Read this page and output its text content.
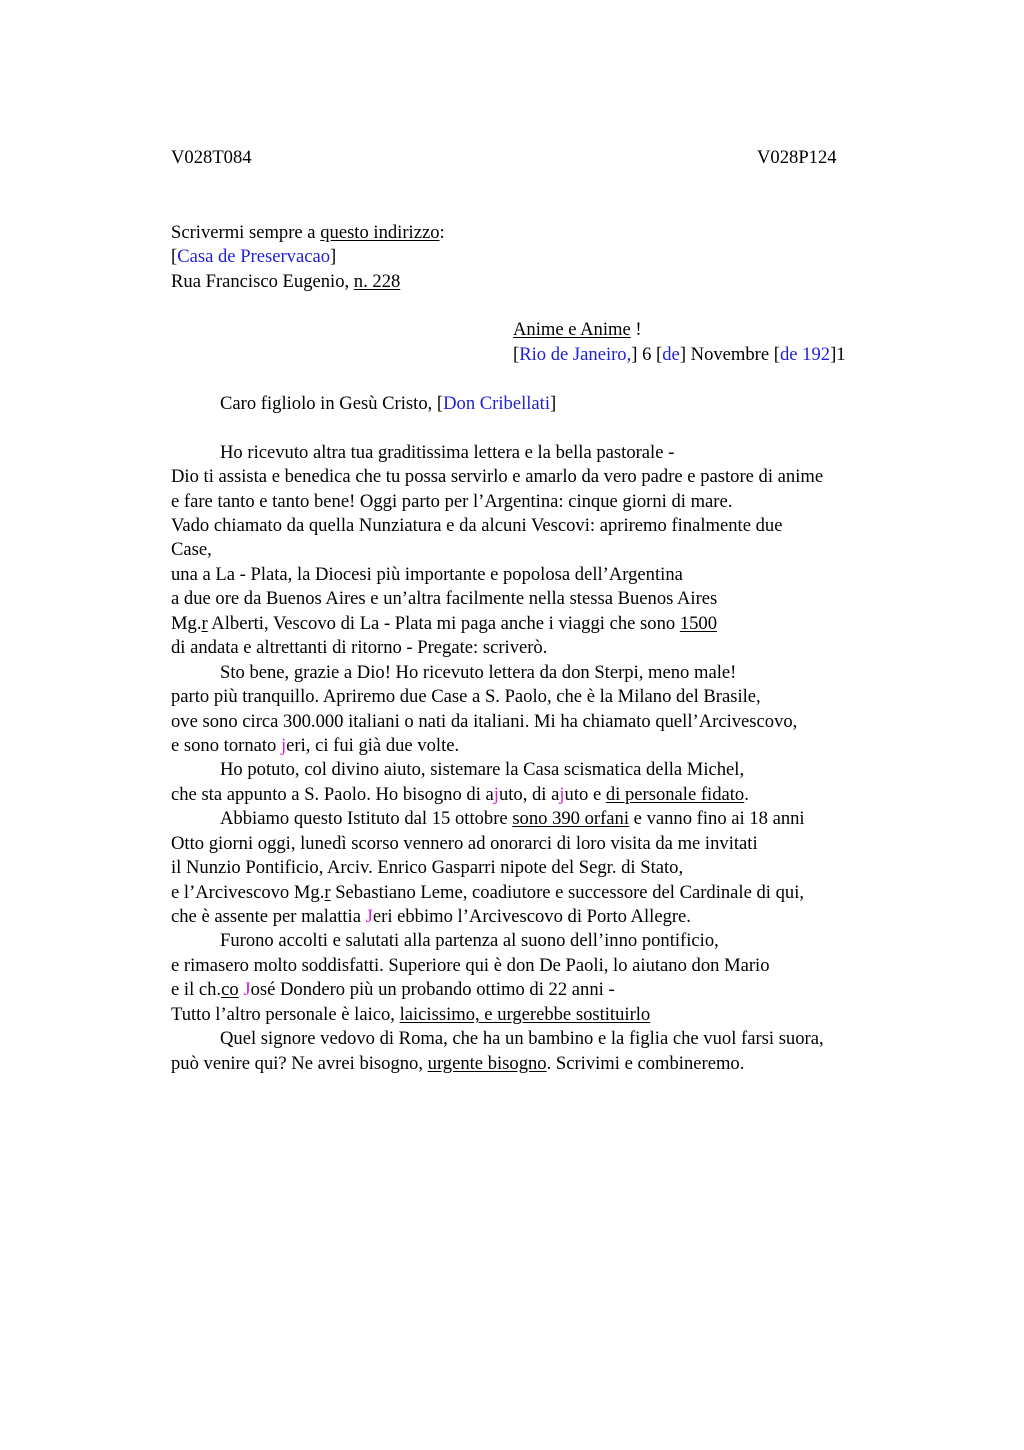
V028T084	V028P124
Scrivermi sempre a questo indirizzo:
[Casa de Preservacao]
Rua Francisco Eugenio, n. 228
Anime e Anime !
[Rio de Janeiro,] 6 [de] Novembre [de 192]1
Caro figliolo in Gesù Cristo, [Don Cribellati]
Ho ricevuto altra tua graditissima lettera e la bella pastorale -
Dio ti assista e benedica che tu possa servirlo e amarlo da vero padre e pastore di anime
e fare tanto e tanto bene! Oggi parto per l’Argentina: cinque giorni di mare.
Vado chiamato da quella Nunziatura e da alcuni Vescovi: apriremo finalmente due
Case,
una a La - Plata, la Diocesi più importante e popolosa dell’Argentina
a due ore da Buenos Aires e un’altra facilmente nella stessa Buenos Aires
Mg.r Alberti, Vescovo di La - Plata mi paga anche i viaggi che sono 1500
di andata e altrettanti di ritorno - Pregate: scriverò.
Sto bene, grazie a Dio! Ho ricevuto lettera da don Sterpi, meno male!
parto più tranquillo. Apriremo due Case a S. Paolo, che è la Milano del Brasile,
ove sono circa 300.000 italiani o nati da italiani. Mi ha chiamato quell’Arcivescovo,
e sono tornato jeri, ci fui già due volte.
Ho potuto, col divino aiuto, sistemare la Casa scismatica della Michel,
che sta appunto a S. Paolo. Ho bisogno di ajuto, di ajuto e di personale fidato.
Abbiamo questo Istituto dal 15 ottobre sono 390 orfani e vanno fino ai 18 anni
Otto giorni oggi, lunedì scorso vennero ad onorarci di loro visita da me invitati
il Nunzio Pontificio, Arciv. Enrico Gasparri nipote del Segr. di Stato,
e l’Arcivescovo Mg.r Sebastiano Leme, coadiutore e successore del Cardinale di qui,
che è assente per malattia Jeri ebbimo l’Arcivescovo di Porto Allegre.
Furono accolti e salutati alla partenza al suono dell’inno pontificio,
e rimasero molto soddisfatti. Superiore qui è don De Paoli, lo aiutano don Mario
e il ch.co José Dondero più un probando ottimo di 22 anni -
Tutto l’altro personale è laico, laicissimo, e urgerebbe sostituirlo
Quel signore vedovo di Roma, che ha un bambino e la figlia che vuol farsi suora,
può venire qui? Ne avrei bisogno, urgente bisogno. Scrivimi e combineremo.
